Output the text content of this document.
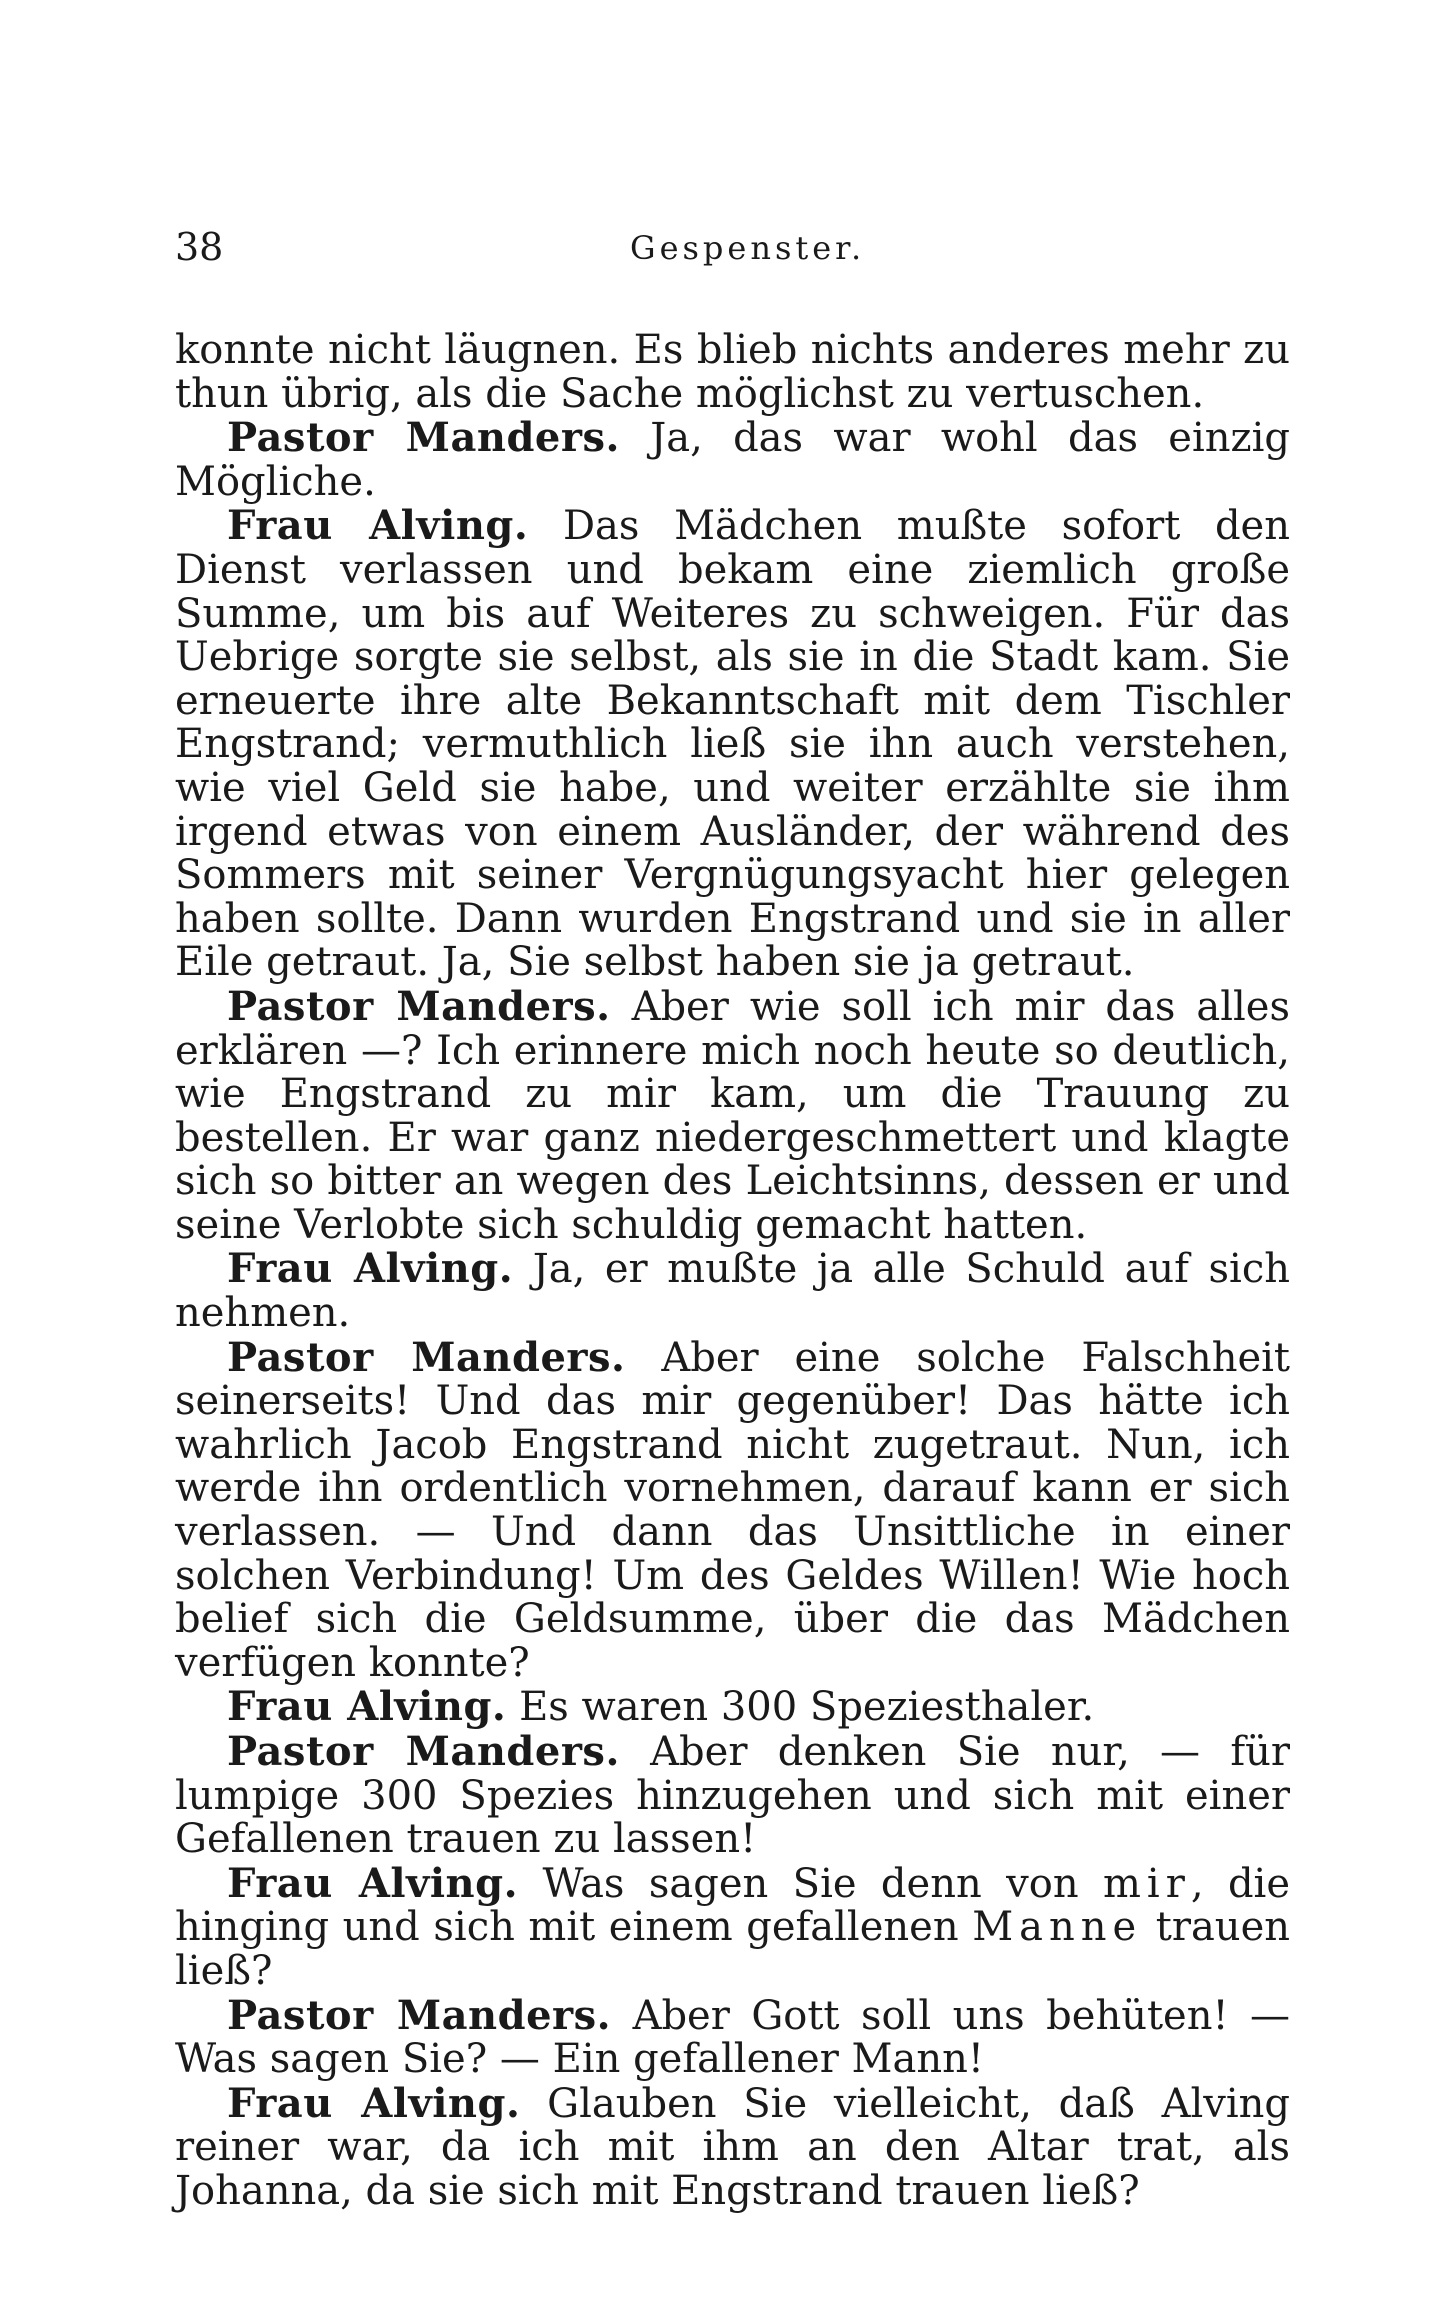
38	Gespenster.

konnte nicht läugnen. Es blieb nichts anderes mehr zu thun übrig, als die Sache möglichst zu vertuschen.

Pastor Manders. Ja, das war wohl das einzig Mögliche.

Frau Alving. Das Mädchen mußte sofort den Dienst verlassen und bekam eine ziemlich große Summe, um bis auf Weiteres zu schweigen. Für das Uebrige sorgte sie selbst, als sie in die Stadt kam. Sie erneuerte ihre alte Bekanntschaft mit dem Tischler Engstrand; vermuthlich ließ sie ihn auch verstehen, wie viel Geld sie habe, und weiter erzählte sie ihm irgend etwas von einem Ausländer, der während des Sommers mit seiner Vergnügungsyacht hier gelegen haben sollte. Dann wurden Engstrand und sie in aller Eile getraut. Ja, Sie selbst haben sie ja getraut.

Pastor Manders. Aber wie soll ich mir das alles erklären —? Ich erinnere mich noch heute so deutlich, wie Engstrand zu mir kam, um die Trauung zu bestellen. Er war ganz niedergeschmettert und klagte sich so bitter an wegen des Leichtsinns, dessen er und seine Verlobte sich schuldig gemacht hatten.

Frau Alving. Ja, er mußte ja alle Schuld auf sich nehmen.

Pastor Manders. Aber eine solche Falschheit seinerseits! Und das mir gegenüber! Das hätte ich wahrlich Jacob Engstrand nicht zugetraut. Nun, ich werde ihn ordentlich vornehmen, darauf kann er sich verlassen. — Und dann das Unsittliche in einer solchen Verbindung! Um des Geldes Willen! Wie hoch belief sich die Geldsumme, über die das Mädchen verfügen konnte?

Frau Alving. Es waren 300 Speziesthaler.

Pastor Manders. Aber denken Sie nur, — für lumpige 300 Spezies hinzugehen und sich mit einer Gefallenen trauen zu lassen!

Frau Alving. Was sagen Sie denn von mir, die hinging und sich mit einem gefallenen Manne trauen ließ?

Pastor Manders. Aber Gott soll uns behüten! — Was sagen Sie? — Ein gefallener Mann!

Frau Alving. Glauben Sie vielleicht, daß Alving reiner war, da ich mit ihm an den Altar trat, als Johanna, da sie sich mit Engstrand trauen ließ?
